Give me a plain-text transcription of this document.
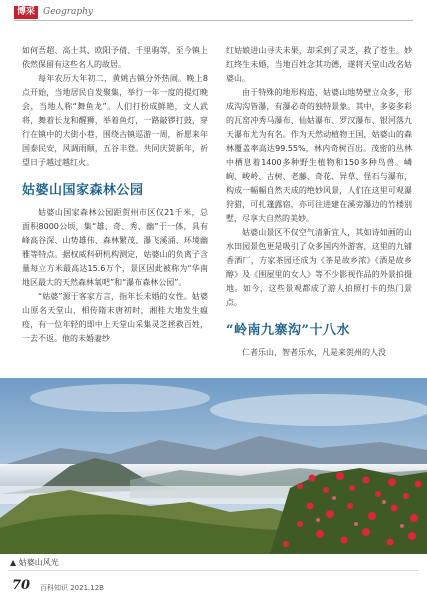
博采 Geography

如何吾超、高士其、欧阳予倩、千里驹等，至今镇上依然保留有这些名人的故居。

每年农历大年初二，黄姚古镇分外热闹。晚上8点开始，当地居民自发聚集，举行一年一度的提灯晚会，当地人称“舞鱼龙”。人们打扮成鲜艳，文人武将，舞着长龙和醒狮，举着鱼灯，一路敲锣打鼓，穿行在镇中的大街小巷，围绕古镇巡游一周，祈愿来年国泰民安，风调雨顺，五谷丰登。共同庆贺新年，祈望日子越过越红火。

姑婆山国家森林公园

姑婆山国家森林公园距贺州市区仅21千米，总面积8000公顷，集“雄、奇、秀、幽”于一体，具有峰高谷深、山势雄伟、森林繁茂、瀑飞溪涌、环境幽雅等特点。据权威科研机构测定，姑婆山的负离子含量每立方米最高达15.6万个，景区因此被称为“华南地区最大的天然森林氧吧”和“瀑布森林公园”。

“姑婆”源于客家方言，指年长未婚的女性。姑婆山原名天堂山，相传隋末唐初时，湘桂大地发生瘟疫，有一位年轻的即中上天堂山采集灵芝拯救百姓，一去不返。他的未婚妻纱

红姑娘进山寻夫未果，却采到了灵芝，救了苍生。妙红终生未婚，当地百姓念其功德，遂将天堂山改名姑婆山。

由于特殊的地形构造，姑婆山地势壁立众多，形成沟沟皆瀑，有瀑必奇的独特景象。其中，多姿多彩的瓦窑冲秀马瀑布、仙姑瀑布、罗汉瀑布、银河落九天瀑布尤为有名。作为天然动植物王国，姑婆山的森林覆盖率高达99.55%，林内奇树百出。茂密的丛林中栖息着1400多种野生植物和150多种鸟兽。嶙峋、峻岭、古树、老藤、奇花、异草、怪石与瀑布，构成一幅幅自然天成的绝妙风景，人们在这里可观瀑狩猎，可扎篷露宿，亦可往进建在溪旁瀑边的竹楼别墅，尽享大自然的美妙。

姑婆山景区不仅空气清新宜人，其如诗如画的山水田园景色更是吸引了众多国内外游客，这里的九铺香酒厂，方家茶园还成为《茶是故乡浓》《酒是故乡醇》及《围屋里的女人》等不少影视作品的外景拍摄地。如今，这些景观都成了游人拍照打卡的热门景点。

“岭南九寨沟”十八水

仁者乐山，智者乐水，凡是来贺州的人没

▲ 姑婆山风光
70 百科知识 2021.12B
